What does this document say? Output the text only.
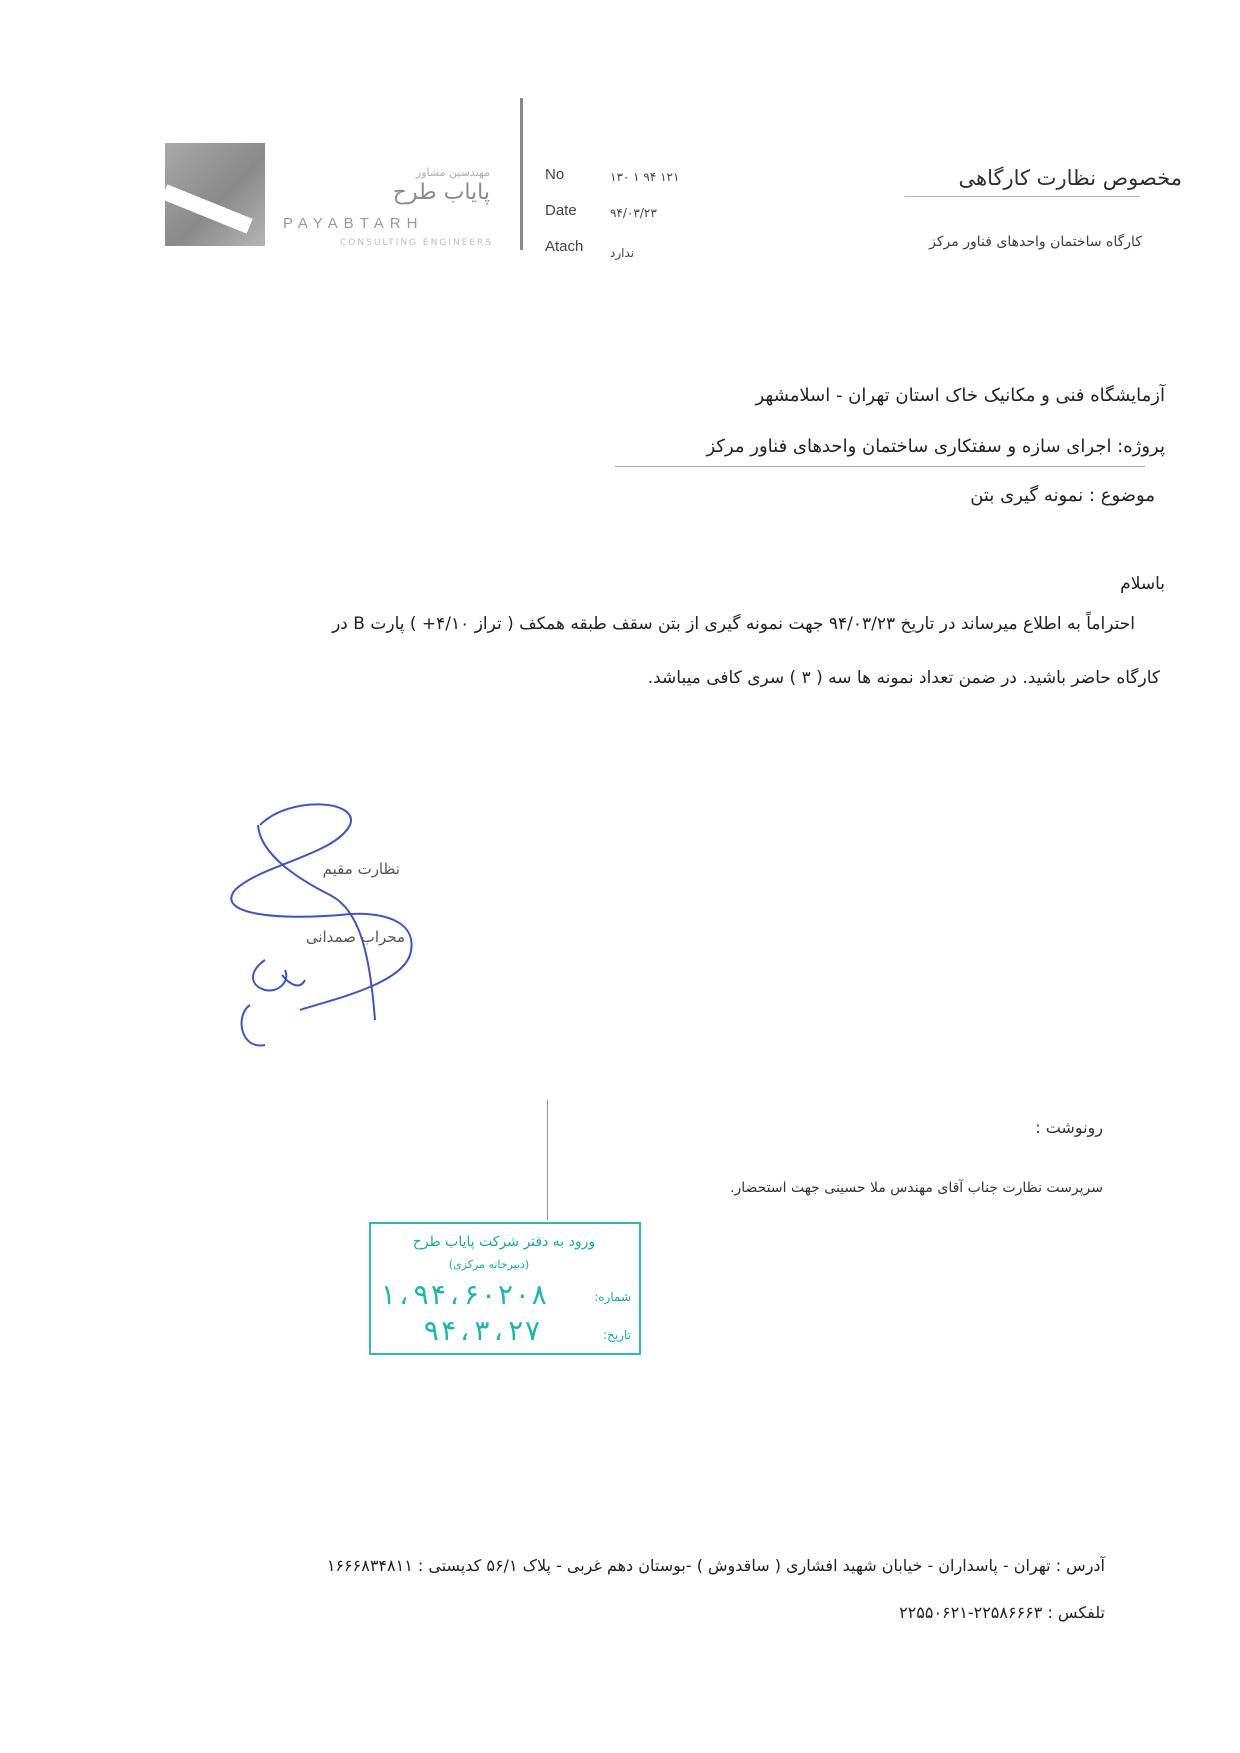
مهندسین مشاور
پایاب طرح
PAYABTARH
CONSULTING ENGINEERS
No	۱۳۰ ۱ ۹۴ ۱۲۱
Date	۹۴/۰۳/۲۳
Atach ندارد
مخصوص نظارت کارگاهی
کارگاه ساختمان واحدهای فناور مرکز
آزمایشگاه فنی و مکانیک خاک استان تهران - اسلامشهر
پروژه: اجرای سازه و سفتکاری ساختمان واحدهای فناور مرکز
موضوع : نمونه گیری بتن
باسلام
احتراماً به اطلاع میرساند در تاریخ ۹۴/۰۳/۲۳ جهت نمونه گیری از بتن سقف طبقه همکف ( تراز ۴/۱۰+ ) پارت B در
کارگاه حاضر باشید. در ضمن تعداد نمونه ها سه ( ۳ ) سری کافی میباشد.
نظارت مقیم
محراب صمدانی
رونوشت :
سرپرست نظارت جناب آقای مهندس ملا حسینی جهت استحضار.
ورود به دفتر شرکت پایاب طرح
(دبیرخانه مرکزی)
شماره:
۱،۹۴،۶۰۲۰۸
تاریخ:
۹۴،۳،۲۷
آدرس : تهران - پاسداران - خیابان شهید افشاری ( ساقدوش ) -بوستان دهم غربی - پلاک ۵۶/۱ کدپستی : ۱۶۶۶۸۳۴۸۱۱
تلفکس : ۲۲۵۸۶۶۶۳-۲۲۵۵۰۶۲۱
